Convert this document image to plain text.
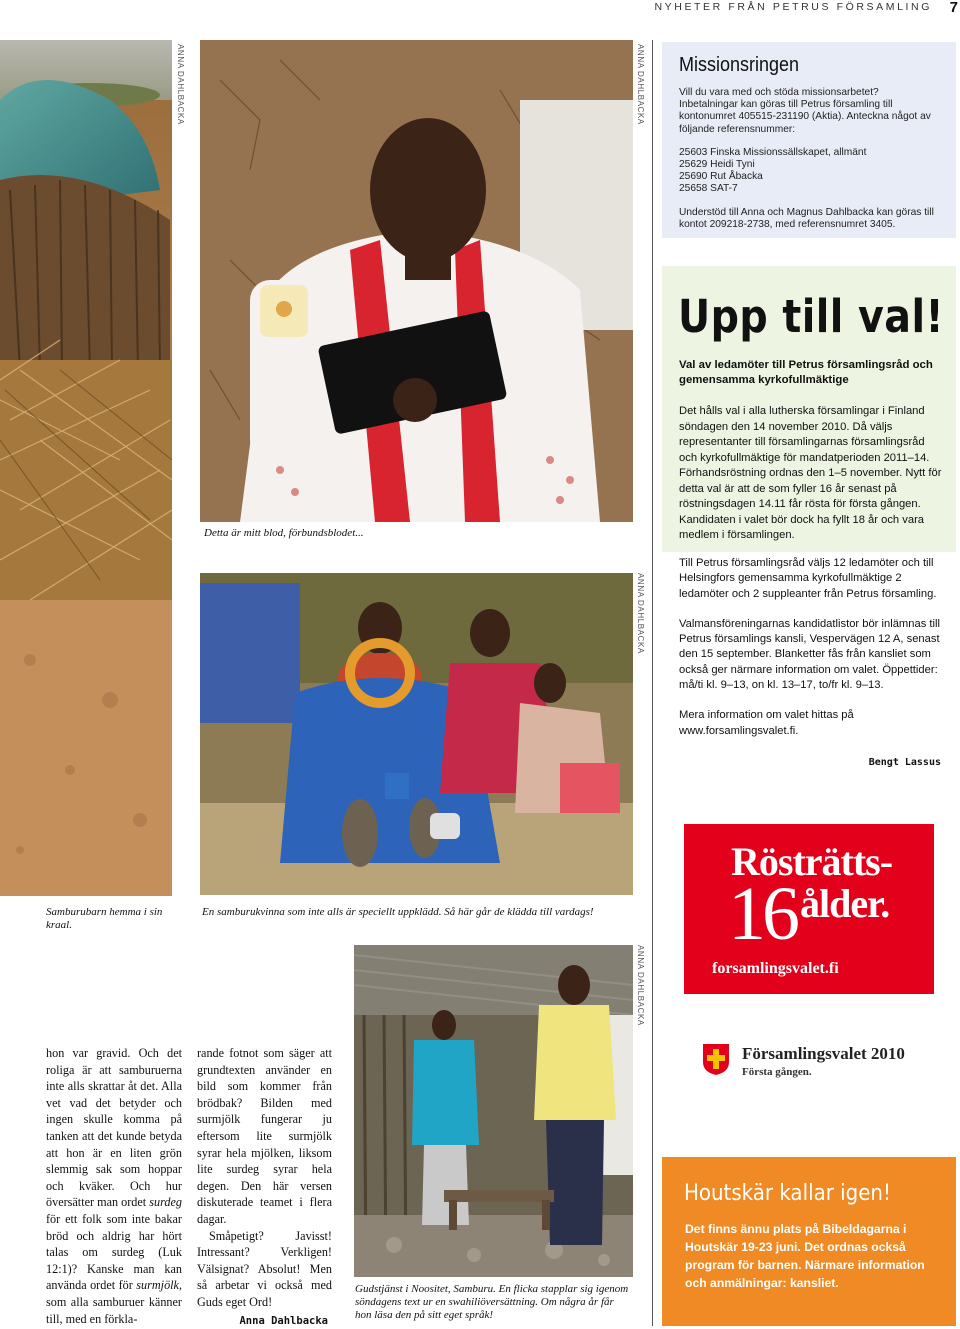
NYHETER FRÅN PETRUS FÖRSAMLING 7
ANNA DAHLBACKA
Detta är mitt blod, förbundsblodet...
ANNA DAHLBACKA
ANNA DAHLBACKA
Samburubarn hemma i sin kraal.
En samburukvinna som inte alls är speciellt uppklädd. Så här går de klädda till vardags!
ANNA DAHLBACKA
Gudstjänst i Noositet, Samburu. En flicka stapplar sig igenom söndagens text ur en swahiliöversättning. Om några år får hon läsa den på sitt eget språk!

hon var gravid. Och det roliga är att samburuerna inte alls skrattar åt det. Alla vet vad det betyder och ingen skulle komma på tanken att det kunde betyda att hon är en liten grön slemmig sak som hoppar och kväker. Och hur översätter man ordet surdeg för ett folk som inte bakar bröd och aldrig har hört talas om surdeg (Luk 12:1)? Kanske man kan använda ordet för surmjölk, som alla samburuer känner till, med en förkla-

rande fotnot som säger att grundtexten använder en bild som kommer från brödbak? Bilden med surmjölk fungerar ju eftersom lite surmjölk syrar hela mjölken, liksom lite surdeg syrar hela degen. Den här versen diskuterade teamet i flera dagar.

Småpetigt? Javisst! Intressant? Verkligen! Välsignat? Absolut! Men så arbetar vi också med Guds eget Ord!

Anna Dahlbacka
Missionsringen
Vill du vara med och stöda missionsarbetet? Inbetalningar kan göras till Petrus församling till kontonumret 405515-231190 (Aktia). Anteckna något av följande referensnummer:
25603 Finska Missionssällskapet, allmänt
25629 Heidi Tyni
25690 Rut Åbacka
25658 SAT-7
Understöd till Anna och Magnus Dahlbacka kan göras till kontot 209218-2738, med referensnumret 3405.
Upp till val!
Val av ledamöter till Petrus församlingsråd och gemensamma kyrkofullmäktige
Det hålls val i alla lutherska församlingar i Finland söndagen den 14 november 2010. Då väljs representanter till församlingarnas församlingsråd och kyrkofullmäktige för mandatperioden 2011–14. Förhandsröstning ordnas den 1–5 november. Nytt för detta val är att de som fyller 16 år senast på röstningsdagen 14.11 får rösta för första gången. Kandidaten i valet bör dock ha fyllt 18 år och vara medlem i församlingen.

Till Petrus församlingsråd väljs 12 ledamöter och till Helsingfors gemensamma kyrkofullmäktige 2 ledamöter och 2 suppleanter från Petrus församling.

Valmansföreningarnas kandidatlistor bör inlämnas till Petrus församlings kansli, Vespervägen 12 A, senast den 15 september. Blanketter fås från kansliet som också ger närmare information om valet. Öppettider: må/ti kl. 9–13, on kl. 13–17, to/fr kl. 9–13.

Mera information om valet hittas på www.forsamlingsvalet.fi.

Bengt Lassus
Rösträtts-
16 ålder.
forsamlingsvalet.fi
Församlingsvalet 2010
Första gången.
Houtskär kallar igen!
Det finns ännu plats på Bibeldagarna i Houtskär 19-23 juni. Det ordnas också program för barnen. Närmare information och anmälningar: kansliet.
